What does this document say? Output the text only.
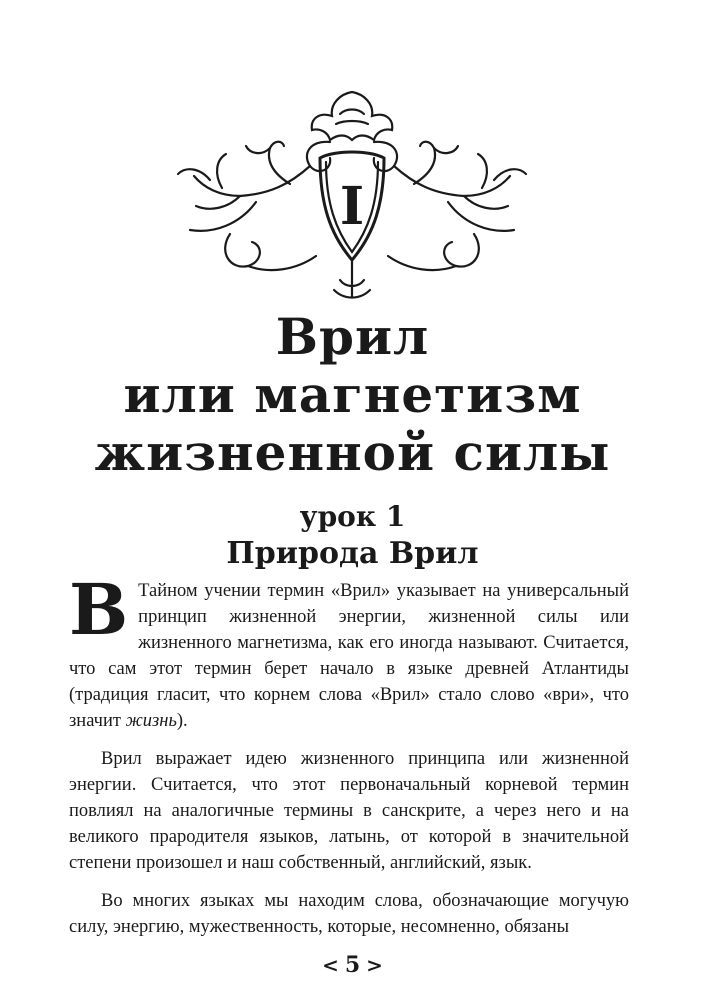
I
Врил
или магнетизм
жизненной силы
урок 1
Природа Врил

В Тайном учении термин «Врил» указывает на универсальный принцип жизненной энергии, жизненной силы или жизненного магнетизма, как его иногда называют. Считается, что сам этот термин берет начало в языке древней Атлантиды (традиция гласит, что корнем слова «Врил» стало слово «ври», что значит жизнь).

Врил выражает идею жизненного принципа или жизненной энергии. Считается, что этот первоначальный корневой термин повлиял на аналогичные термины в санскрите, а через него и на великого прародителя языков, латынь, от которой в значительной степени произошел и наш собственный, английский, язык.

Во многих языках мы находим слова, обозначающие могучую силу, энергию, мужественность, которые, несомненно, обязаны

< 5 >
